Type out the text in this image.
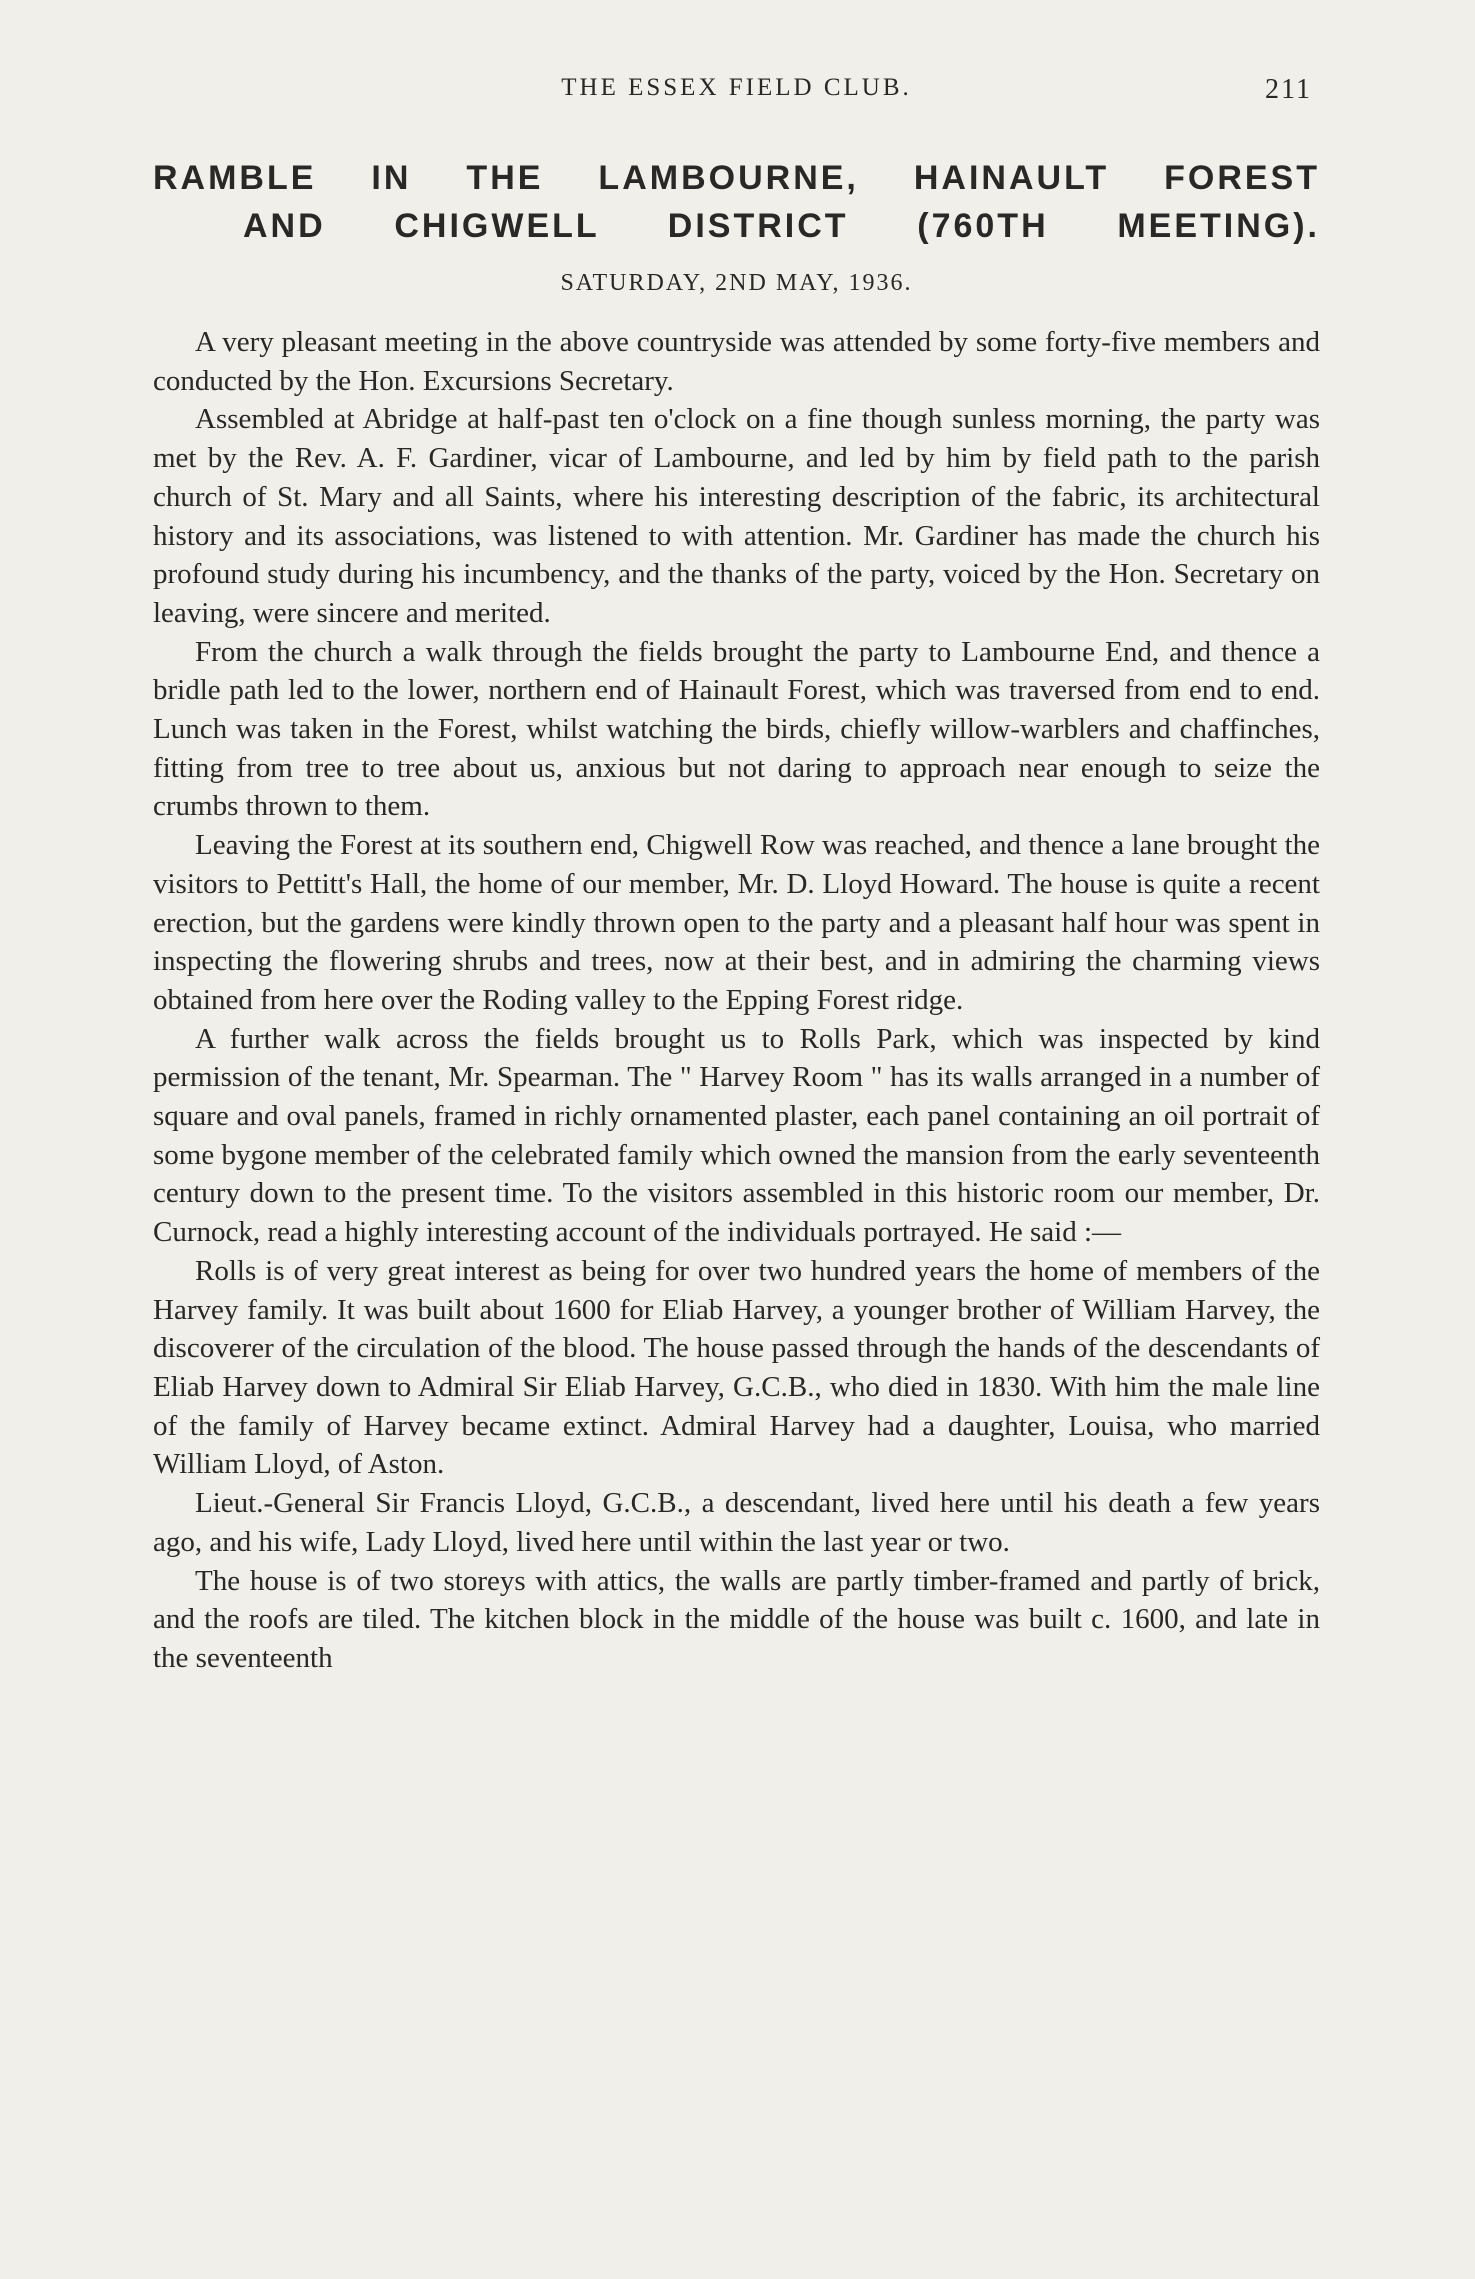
THE ESSEX FIELD CLUB.	211
RAMBLE IN THE LAMBOURNE, HAINAULT FOREST
AND CHIGWELL DISTRICT (760TH MEETING).
SATURDAY, 2ND MAY, 1936.

A very pleasant meeting in the above countryside was attended by some forty-five members and conducted by the Hon. Excursions Secretary.

Assembled at Abridge at half-past ten o'clock on a fine though sunless morning, the party was met by the Rev. A. F. Gardiner, vicar of Lambourne, and led by him by field path to the parish church of St. Mary and all Saints, where his interesting description of the fabric, its architectural history and its associations, was listened to with attention. Mr. Gardiner has made the church his profound study during his incumbency, and the thanks of the party, voiced by the Hon. Secretary on leaving, were sincere and merited.

From the church a walk through the fields brought the party to Lambourne End, and thence a bridle path led to the lower, northern end of Hainault Forest, which was traversed from end to end. Lunch was taken in the Forest, whilst watching the birds, chiefly willow-warblers and chaffinches, fitting from tree to tree about us, anxious but not daring to approach near enough to seize the crumbs thrown to them.

Leaving the Forest at its southern end, Chigwell Row was reached, and thence a lane brought the visitors to Pettitt's Hall, the home of our member, Mr. D. Lloyd Howard. The house is quite a recent erection, but the gardens were kindly thrown open to the party and a pleasant half hour was spent in inspecting the flowering shrubs and trees, now at their best, and in admiring the charming views obtained from here over the Roding valley to the Epping Forest ridge.

A further walk across the fields brought us to Rolls Park, which was inspected by kind permission of the tenant, Mr. Spearman. The " Harvey Room " has its walls arranged in a number of square and oval panels, framed in richly ornamented plaster, each panel containing an oil portrait of some bygone member of the celebrated family which owned the mansion from the early seventeenth century down to the present time. To the visitors assembled in this historic room our member, Dr. Curnock, read a highly interesting account of the individuals portrayed. He said :—

Rolls is of very great interest as being for over two hundred years the home of members of the Harvey family. It was built about 1600 for Eliab Harvey, a younger brother of William Harvey, the discoverer of the circulation of the blood. The house passed through the hands of the descendants of Eliab Harvey down to Admiral Sir Eliab Harvey, G.C.B., who died in 1830. With him the male line of the family of Harvey became extinct. Admiral Harvey had a daughter, Louisa, who married William Lloyd, of Aston.

Lieut.-General Sir Francis Lloyd, G.C.B., a descendant, lived here until his death a few years ago, and his wife, Lady Lloyd, lived here until within the last year or two.

The house is of two storeys with attics, the walls are partly timber-framed and partly of brick, and the roofs are tiled. The kitchen block in the middle of the house was built c. 1600, and late in the seventeenth
